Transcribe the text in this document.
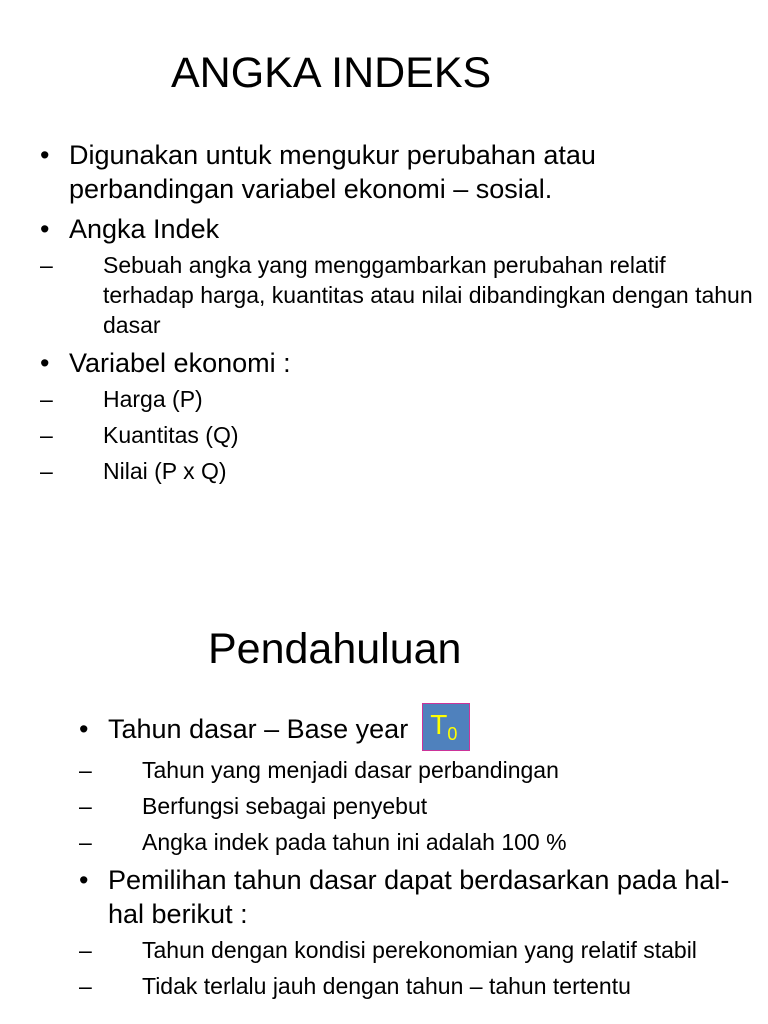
ANGKA INDEKS
• Digunakan untuk mengukur perubahan atau perbandingan variabel ekonomi – sosial.
• Angka Indek
– Sebuah angka yang menggambarkan perubahan relatif terhadap harga, kuantitas atau nilai dibandingkan dengan tahun dasar
• Variabel ekonomi :
– Harga (P)
– Kuantitas (Q)
– Nilai (P x Q)
Pendahuluan
• Tahun dasar – Base year $T_0$
– Tahun yang menjadi dasar perbandingan
– Berfungsi sebagai penyebut
– Angka indek pada tahun ini adalah 100 %
• Pemilihan tahun dasar dapat berdasarkan pada hal-hal berikut :
– Tahun dengan kondisi perekonomian yang relatif stabil
– Tidak terlalu jauh dengan tahun – tahun tertentu
